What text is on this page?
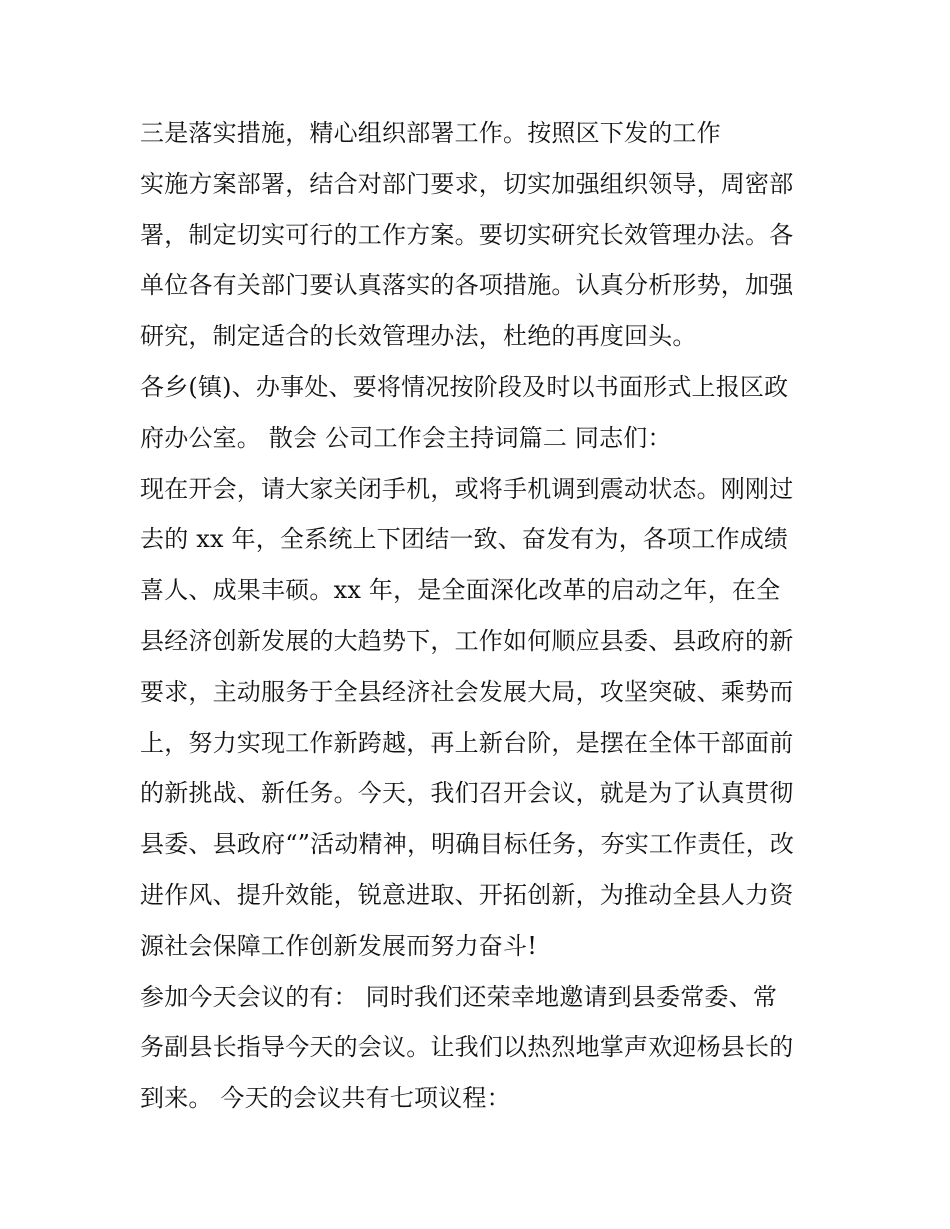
三是落实措施，精心组织部署工作。按照区下发的工作
实施方案部署，结合对部门要求，切实加强组织领导，周密部
署，制定切实可行的工作方案。要切实研究长效管理办法。各
单位各有关部门要认真落实的各项措施。认真分析形势，加强
研究，制定适合的长效管理办法，杜绝的再度回头。
各乡(镇)、办事处、要将情况按阶段及时以书面形式上报区政
府办公室。 散会 公司工作会主持词篇二 同志们：
现在开会，请大家关闭手机，或将手机调到震动状态。刚刚过
去的 xx 年，全系统上下团结一致、奋发有为，各项工作成绩
喜人、成果丰硕。xx 年，是全面深化改革的启动之年，在全
县经济创新发展的大趋势下，工作如何顺应县委、县政府的新
要求，主动服务于全县经济社会发展大局，攻坚突破、乘势而
上，努力实现工作新跨越，再上新台阶，是摆在全体干部面前
的新挑战、新任务。今天，我们召开会议，就是为了认真贯彻
县委、县政府“”活动精神，明确目标任务，夯实工作责任，改
进作风、提升效能，锐意进取、开拓创新，为推动全县人力资
源社会保障工作创新发展而努力奋斗!
参加今天会议的有： 同时我们还荣幸地邀请到县委常委、常
务副县长指导今天的会议。让我们以热烈地掌声欢迎杨县长的
到来。 今天的会议共有七项议程：
